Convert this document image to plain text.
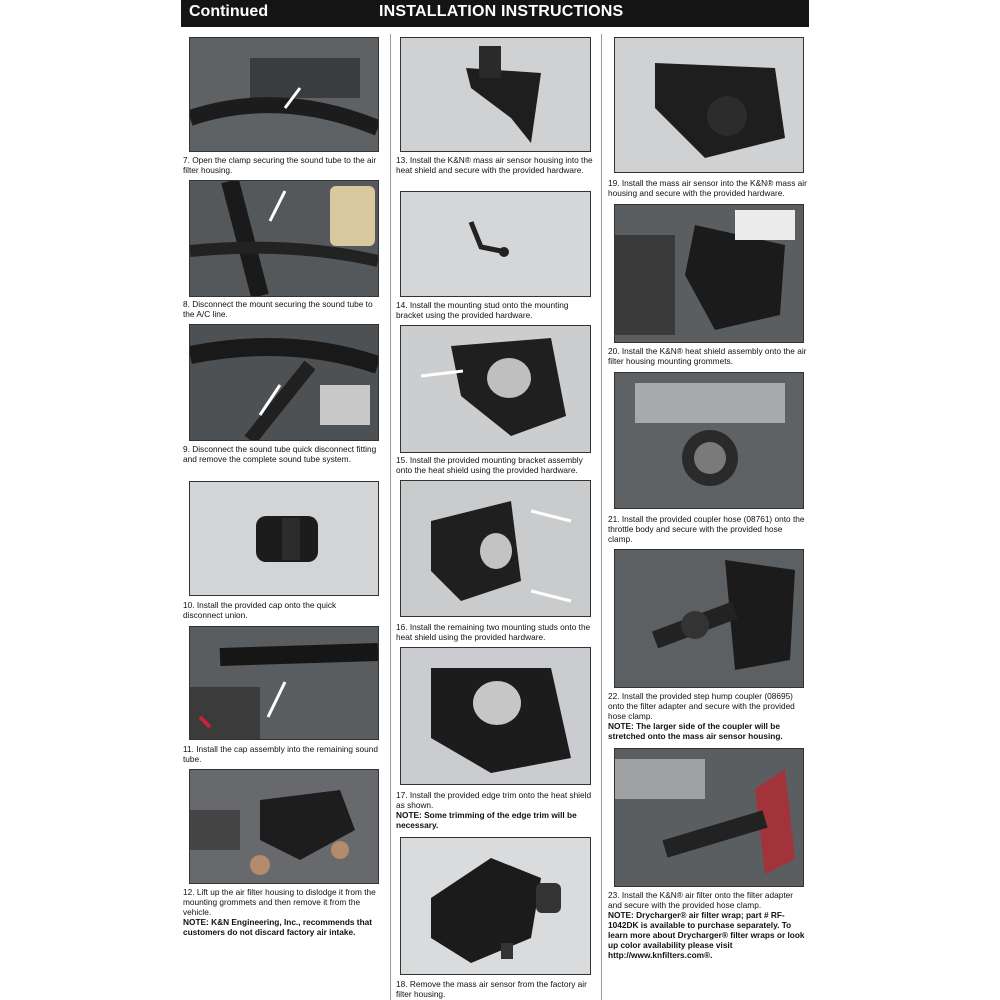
Continued	INSTALLATION INSTRUCTIONS
7. Open the clamp securing the sound tube to the air filter housing.
8. Disconnect the mount securing the sound tube to the A/C line.
9. Disconnect the sound tube quick disconnect fitting and remove the complete sound tube system.
10. Install the provided cap onto the quick disconnect union.
11. Install the cap assembly into the remaining sound tube.
12. Lift up the air filter housing to dislodge it from the mounting grommets and then remove it from the vehicle.
NOTE: K&N Engineering, Inc., recommends that customers do not discard factory air intake.
13. Install the K&N® mass air sensor housing into the heat shield and secure with the provided hardware.
14. Install the mounting stud onto the mounting bracket using the provided hardware.
15. Install the provided mounting bracket assembly onto the heat shield using the provided hardware.
16. Install the remaining two mounting studs onto the heat shield using the provided hardware.
17. Install the provided edge trim onto the heat shield as shown.
NOTE: Some trimming of the edge trim will be necessary.
18. Remove the mass air sensor from the factory air filter housing.
19. Install the mass air sensor into the K&N® mass air housing and secure with the provided hardware.
20. Install the K&N® heat shield assembly onto the air filter housing mounting grommets.
21. Install the provided coupler hose (08761) onto the throttle body and secure with the provided hose clamp.
22. Install the provided step hump coupler (08695) onto the filter adapter and secure with the provided hose clamp.
NOTE: The larger side of the coupler will be stretched onto the mass air sensor housing.
23. Install the K&N® air filter onto the filter adapter and secure with the provided hose clamp.
NOTE: Drycharger® air filter wrap; part # RF-1042DK is available to purchase separately. To learn more about Drycharger® filter wraps or look up color availability please visit http://www.knfilters.com®.
